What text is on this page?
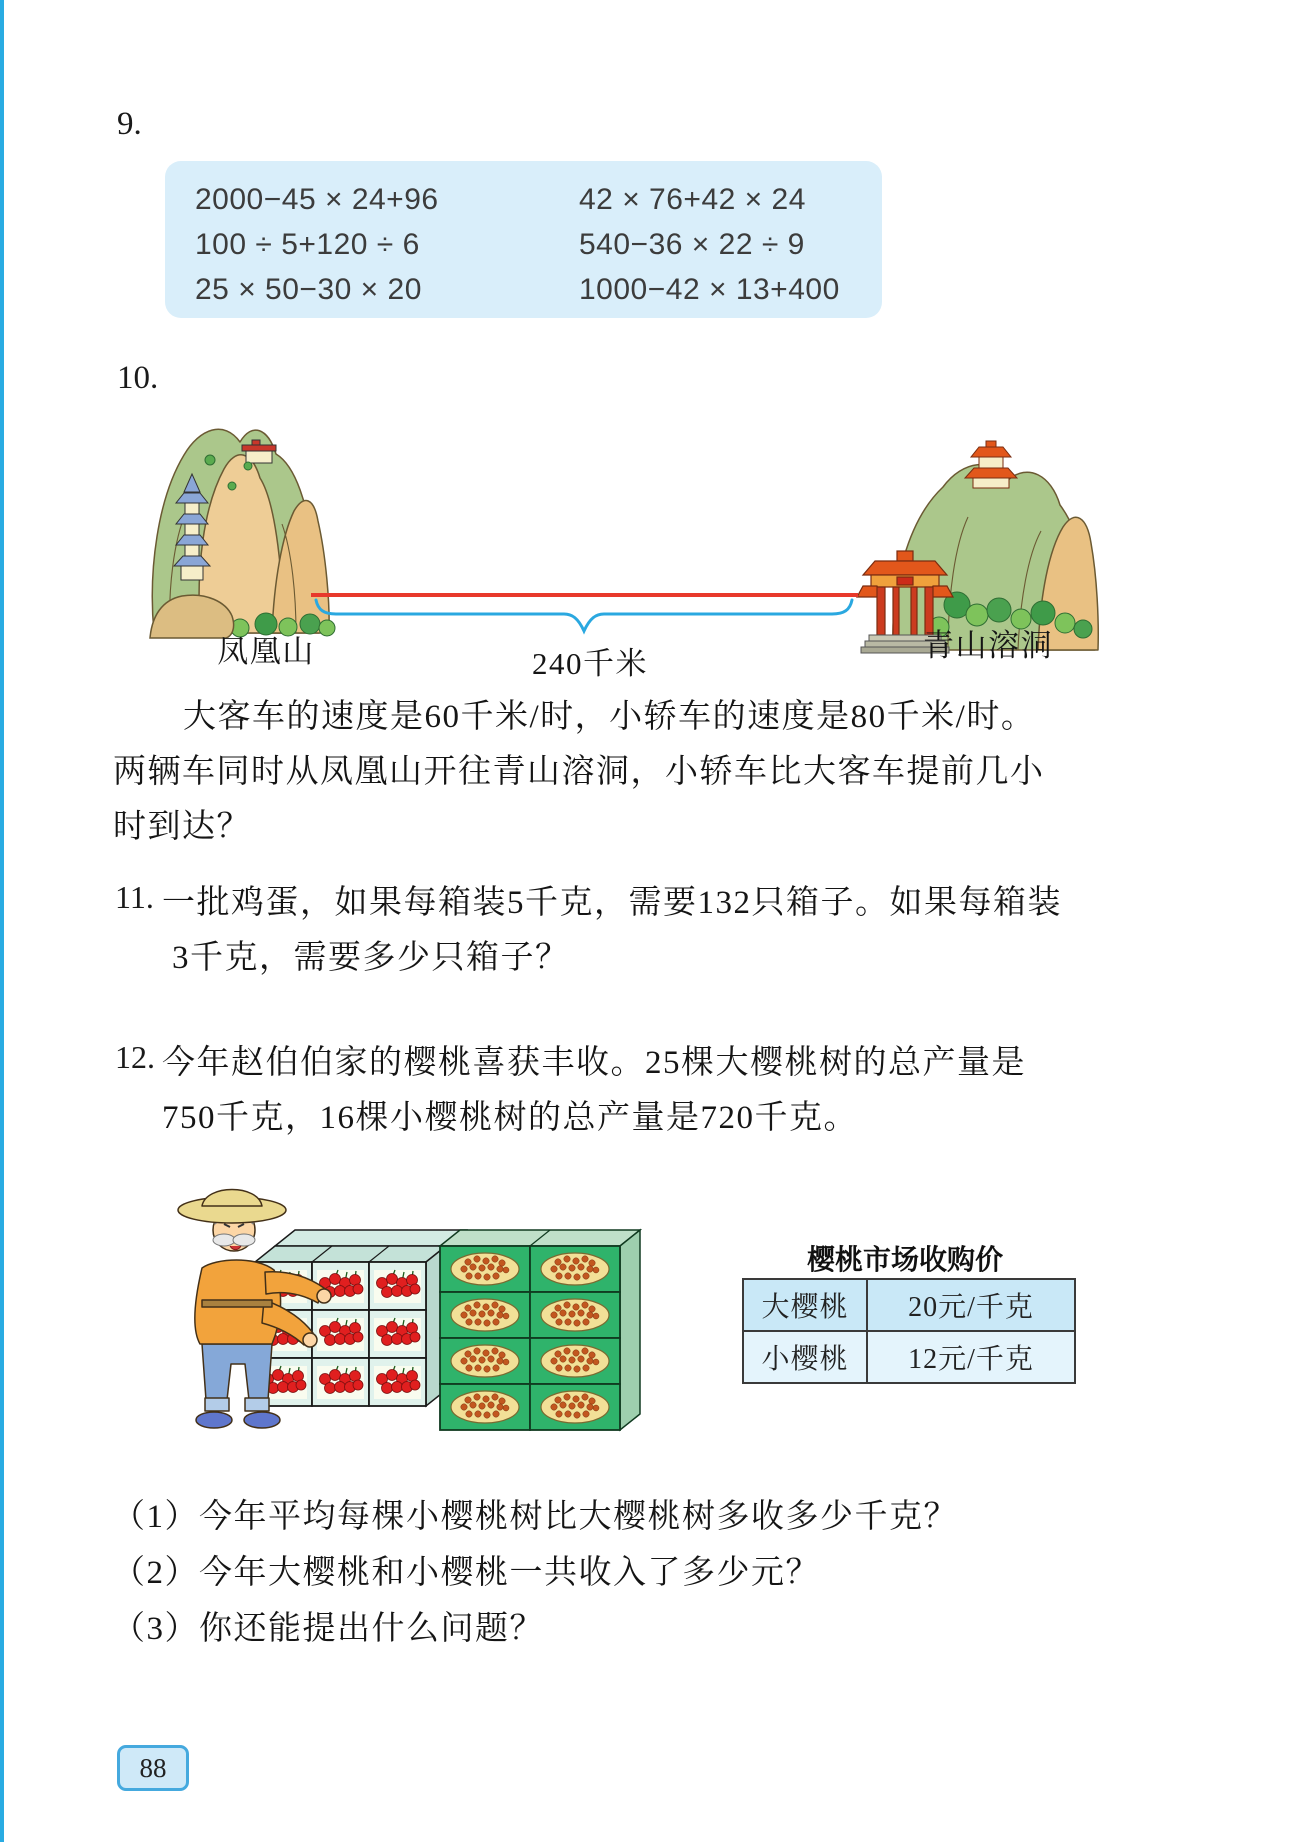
9.
2000−45 × 24+96	42 × 76+42 × 24
100 ÷ 5+120 ÷ 6	540−36 × 22 ÷ 9
25 × 50−30 × 20	1000−42 × 13+400
10.
凤凰山	240千米
青山溶洞
大客车的速度是60千米/时，小轿车的速度是80千米/时。
两辆车同时从凤凰山开往青山溶洞，小轿车比大客车提前几小
时到达？
11. 一批鸡蛋，如果每箱装5千克，需要132只箱子。如果每箱装
3千克，需要多少只箱子？
12. 今年赵伯伯家的樱桃喜获丰收。25棵大樱桃树的总产量是
750千克，16棵小樱桃树的总产量是720千克。
樱桃市场收购价
大樱桃	20元/千克
小樱桃	12元/千克
（1）今年平均每棵小樱桃树比大樱桃树多收多少千克？
（2）今年大樱桃和小樱桃一共收入了多少元？
（3）你还能提出什么问题？
88
